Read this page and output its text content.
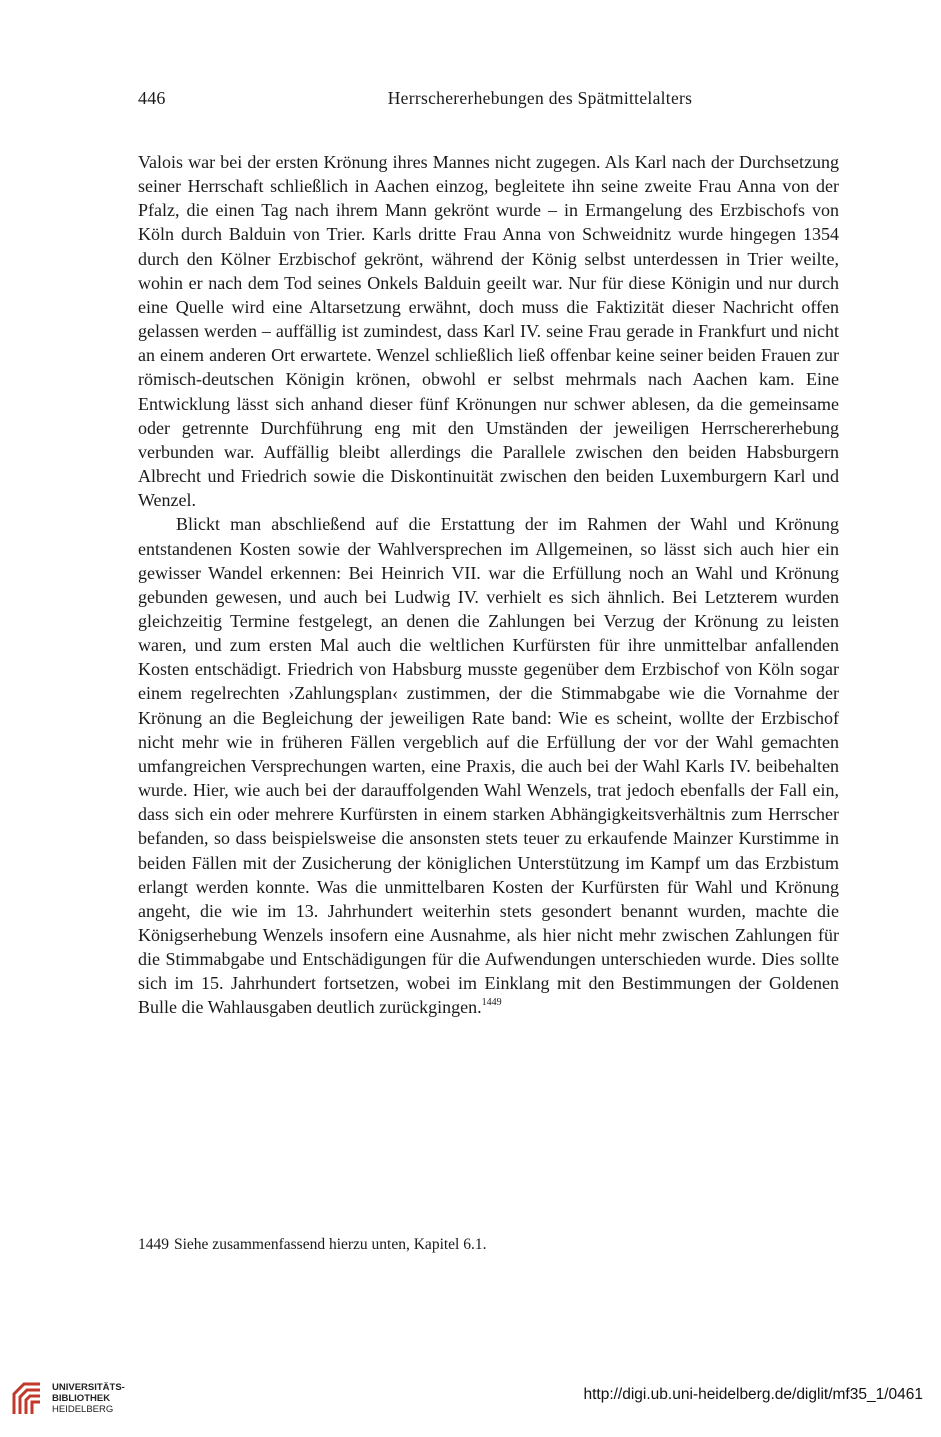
446	Herrschererhebungen des Spätmittelalters

Valois war bei der ersten Krönung ihres Mannes nicht zugegen. Als Karl nach der Durchsetzung seiner Herrschaft schließlich in Aachen einzog, begleitete ihn seine zweite Frau Anna von der Pfalz, die einen Tag nach ihrem Mann gekrönt wurde – in Ermangelung des Erzbischofs von Köln durch Balduin von Trier. Karls dritte Frau Anna von Schweidnitz wurde hingegen 1354 durch den Kölner Erzbischof gekrönt, während der König selbst unterdessen in Trier weilte, wohin er nach dem Tod seines Onkels Balduin geeilt war. Nur für diese Königin und nur durch eine Quelle wird eine Altarsetzung erwähnt, doch muss die Faktizität dieser Nachricht offen gelassen werden – auffällig ist zumindest, dass Karl IV. seine Frau gerade in Frankfurt und nicht an einem anderen Ort erwartete. Wenzel schließlich ließ offenbar keine seiner beiden Frauen zur römisch-deutschen Königin krönen, obwohl er selbst mehrmals nach Aachen kam. Eine Entwicklung lässt sich anhand dieser fünf Krönungen nur schwer ablesen, da die gemeinsame oder getrennte Durchführung eng mit den Umständen der jeweiligen Herrschererhebung verbunden war. Auffällig bleibt allerdings die Parallele zwischen den beiden Habsburgern Albrecht und Friedrich sowie die Diskontinuität zwischen den beiden Luxemburgern Karl und Wenzel.

Blickt man abschließend auf die Erstattung der im Rahmen der Wahl und Krönung entstandenen Kosten sowie der Wahlversprechen im Allgemeinen, so lässt sich auch hier ein gewisser Wandel erkennen: Bei Heinrich VII. war die Erfüllung noch an Wahl und Krönung gebunden gewesen, und auch bei Ludwig IV. verhielt es sich ähnlich. Bei Letzterem wurden gleichzeitig Termine festgelegt, an denen die Zahlungen bei Verzug der Krönung zu leisten waren, und zum ersten Mal auch die weltlichen Kurfürsten für ihre unmittelbar anfallenden Kosten entschädigt. Friedrich von Habsburg musste gegenüber dem Erzbischof von Köln sogar einem regelrechten ›Zahlungsplan‹ zustimmen, der die Stimmabgabe wie die Vornahme der Krönung an die Begleichung der jeweiligen Rate band: Wie es scheint, wollte der Erzbischof nicht mehr wie in früheren Fällen vergeblich auf die Erfüllung der vor der Wahl gemachten umfangreichen Versprechungen warten, eine Praxis, die auch bei der Wahl Karls IV. beibehalten wurde. Hier, wie auch bei der darauffolgenden Wahl Wenzels, trat jedoch ebenfalls der Fall ein, dass sich ein oder mehrere Kurfürsten in einem starken Abhängigkeitsverhältnis zum Herrscher befanden, so dass beispielsweise die ansonsten stets teuer zu erkaufende Mainzer Kurstimme in beiden Fällen mit der Zusicherung der königlichen Unterstützung im Kampf um das Erzbistum erlangt werden konnte. Was die unmittelbaren Kosten der Kurfürsten für Wahl und Krönung angeht, die wie im 13. Jahrhundert weiterhin stets gesondert benannt wurden, machte die Königserhebung Wenzels insofern eine Ausnahme, als hier nicht mehr zwischen Zahlungen für die Stimmabgabe und Entschädigungen für die Aufwendungen unterschieden wurde. Dies sollte sich im 15. Jahrhundert fortsetzen, wobei im Einklang mit den Bestimmungen der Goldenen Bulle die Wahlausgaben deutlich zurückgingen.$^{1449}$

1449 Siehe zusammenfassend hierzu unten, Kapitel 6.1.
UNIVERSITÄTS-
BIBLIOTHEK
HEIDELBERG
http://digi.ub.uni-heidelberg.de/diglit/mf35_1/0461
